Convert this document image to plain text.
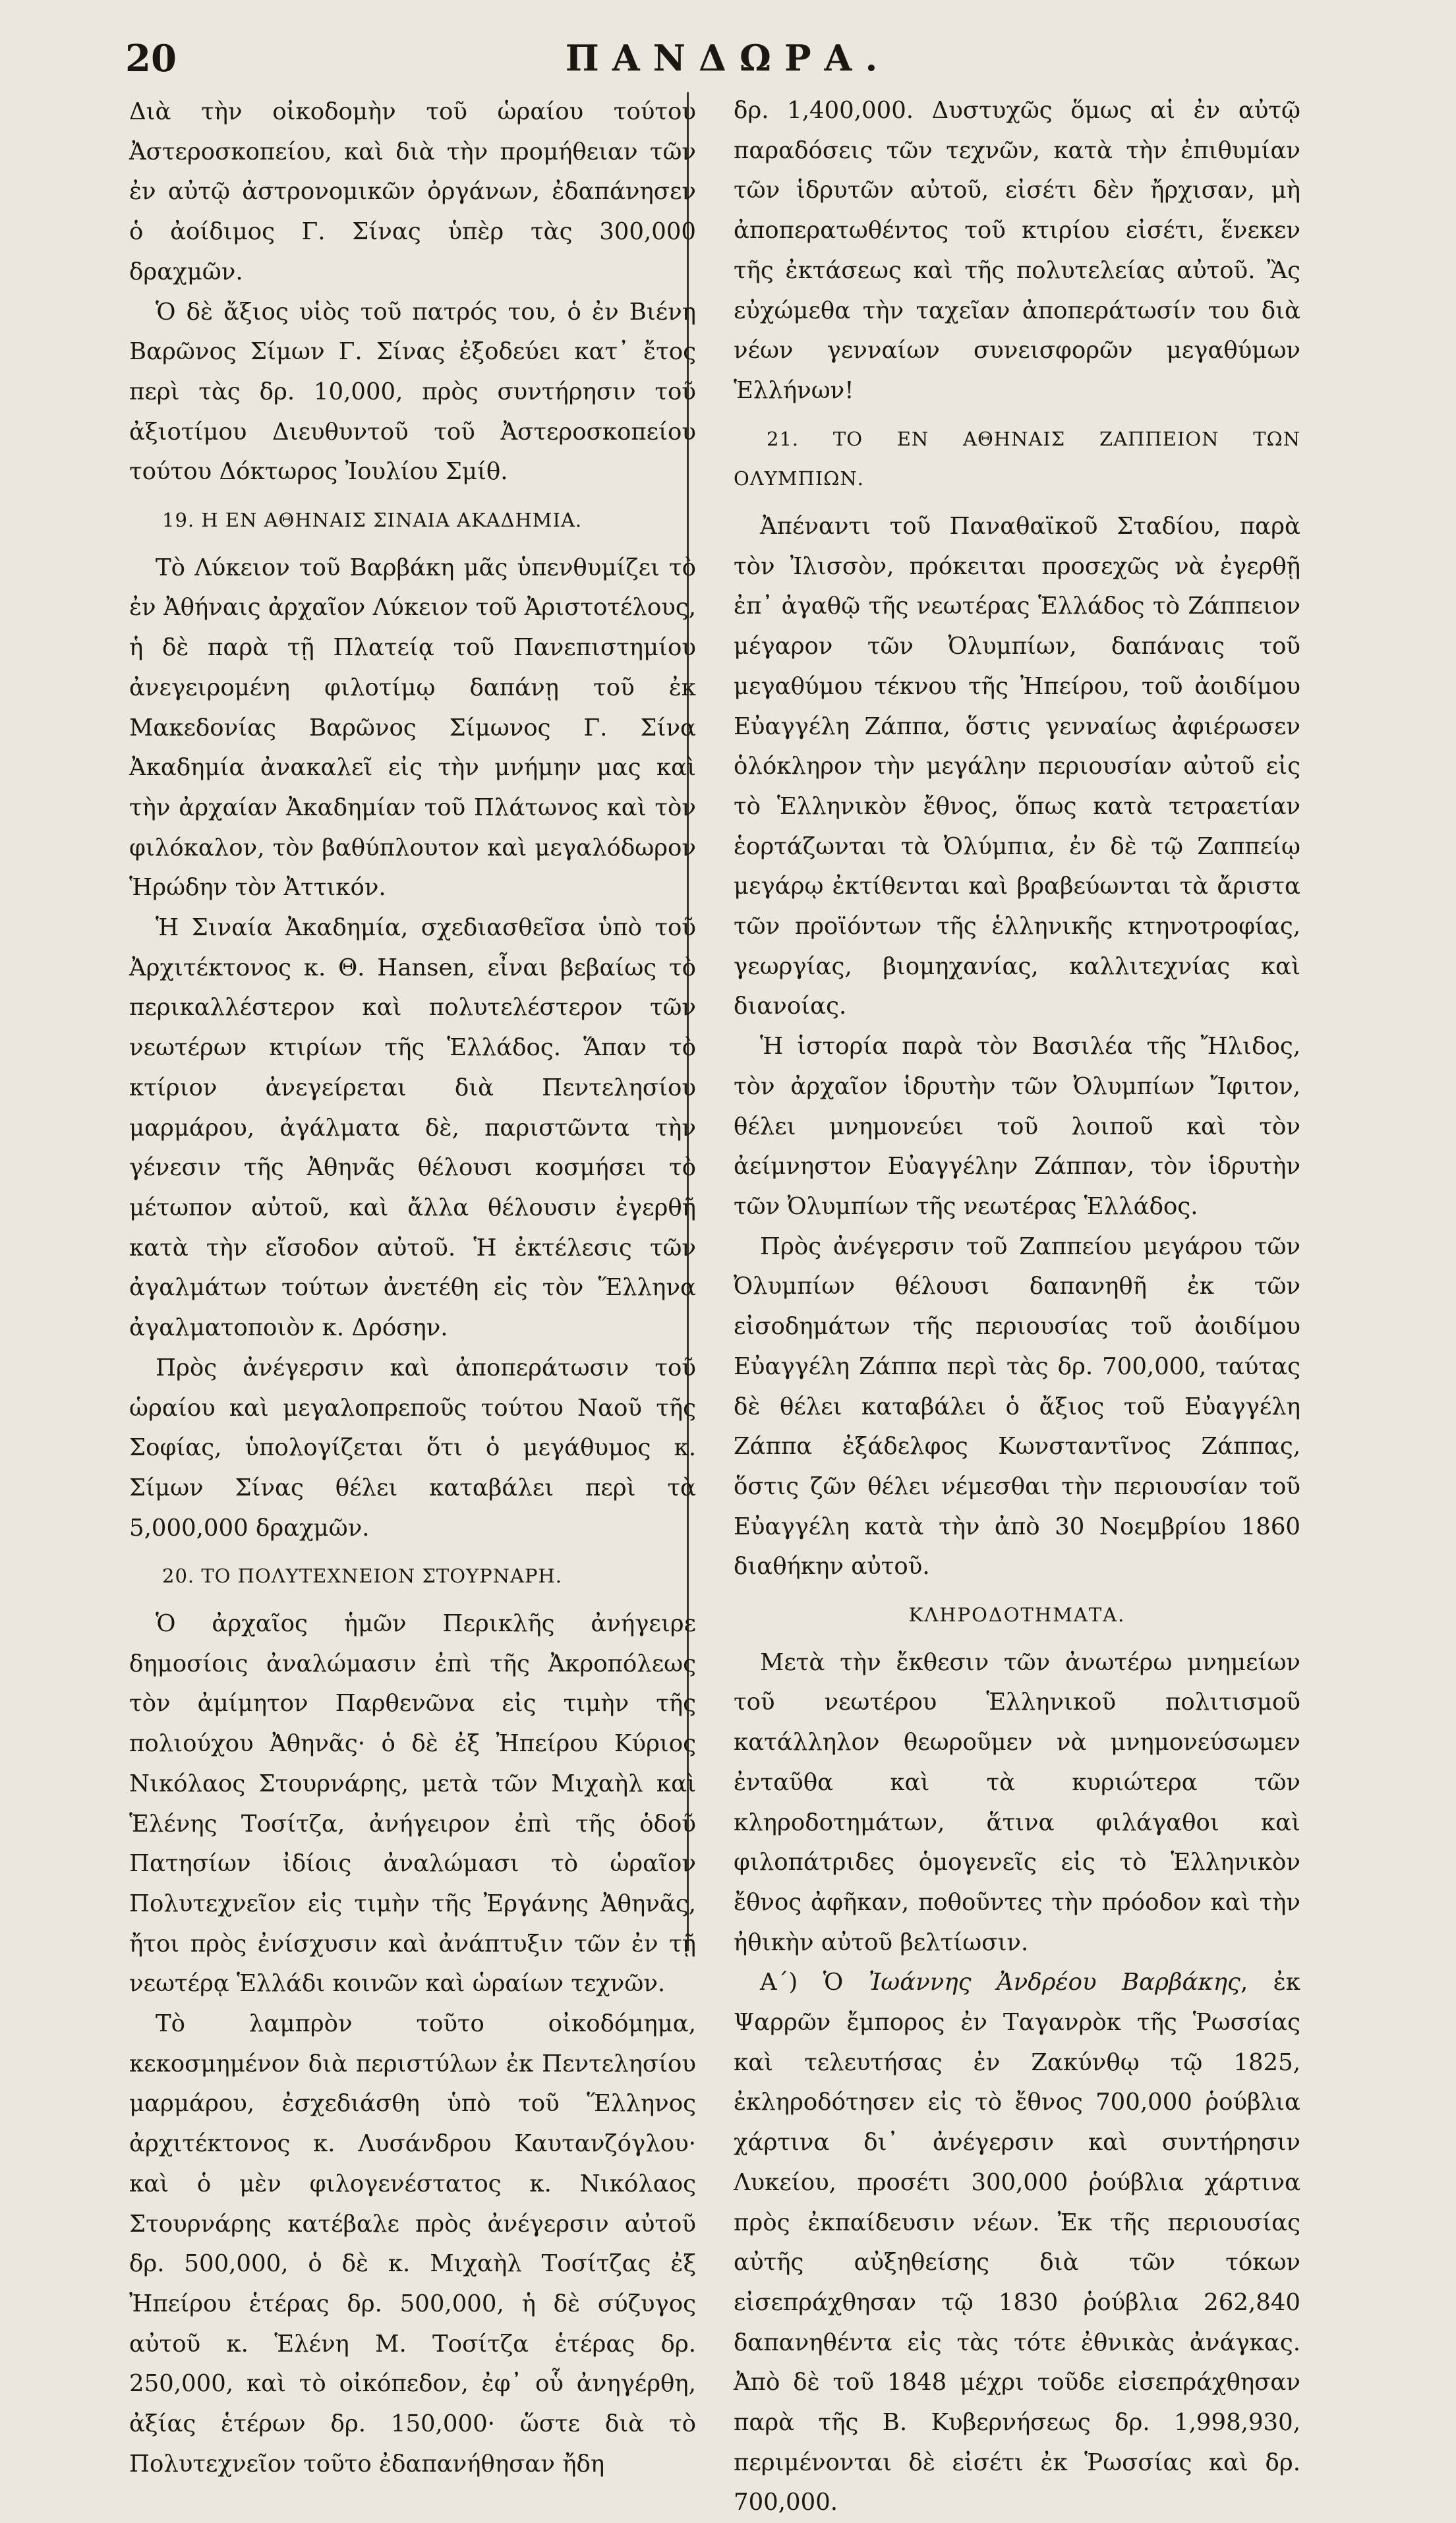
20	ΠΑΝΔΩΡΑ.

Διὰ τὴν οἰκοδομὴν τοῦ ὡραίου τούτου Ἀστεροσκοπείου, καὶ διὰ τὴν προμήθειαν τῶν ἐν αὐτῷ ἀστρονομικῶν ὀργάνων, ἐδαπάνησεν ὁ ἀοίδιμος Γ. Σίνας ὑπὲρ τὰς 300,000 δραχμῶν.

Ὁ δὲ ἄξιος υἱὸς τοῦ πατρός του, ὁ ἐν Βιένη Βαρῶνος Σίμων Γ. Σίνας ἐξοδεύει κατ᾽ ἔτος περὶ τὰς δρ. 10,000, πρὸς συντήρησιν τοῦ ἀξιοτίμου Διευθυντοῦ τοῦ Ἀστεροσκοπείου τούτου Δόκτωρος Ἰουλίου Σμίθ.

19. Η ΕΝ ΑΘΗΝΑΙΣ ΣΙΝΑΙΑ ΑΚΑΔΗΜΙΑ.

Τὸ Λύκειον τοῦ Βαρβάκη μᾶς ὑπενθυμίζει τὸ ἐν Ἀθήναις ἀρχαῖον Λύκειον τοῦ Ἀριστοτέλους, ἡ δὲ παρὰ τῇ Πλατείᾳ τοῦ Πανεπιστημίου ἀνεγειρομένη φιλοτίμῳ δαπάνῃ τοῦ ἐκ Μακεδονίας Βαρῶνος Σίμωνος Γ. Σίνα Ἀκαδημία ἀνακαλεῖ εἰς τὴν μνήμην μας καὶ τὴν ἀρχαίαν Ἀκαδημίαν τοῦ Πλάτωνος καὶ τὸν φιλόκαλον, τὸν βαθύπλουτον καὶ μεγαλόδωρον Ἡρώδην τὸν Ἀττικόν.

Ἡ Σιναία Ἀκαδημία, σχεδιασθεῖσα ὑπὸ τοῦ Ἀρχιτέκτονος κ. Θ. Hansen, εἶναι βεβαίως τὸ περικαλλέστερον καὶ πολυτελέστερον τῶν νεωτέρων κτιρίων τῆς Ἑλλάδος. Ἅπαν τὸ κτίριον ἀνεγείρεται διὰ Πεντελησίου μαρμάρου, ἀγάλματα δὲ, παριστῶντα τὴν γένεσιν τῆς Ἀθηνᾶς θέλουσι κοσμήσει τὸ μέτωπον αὐτοῦ, καὶ ἄλλα θέλουσιν ἐγερθῆ κατὰ τὴν εἴσοδον αὐτοῦ. Ἡ ἐκτέλεσις τῶν ἀγαλμάτων τούτων ἀνετέθη εἰς τὸν Ἕλληνα ἀγαλματοποιὸν κ. Δρόσην.

Πρὸς ἀνέγερσιν καὶ ἀποπεράτωσιν τοῦ ὡραίου καὶ μεγαλοπρεποῦς τούτου Ναοῦ τῆς Σοφίας, ὑπολογίζεται ὅτι ὁ μεγάθυμος κ. Σίμων Σίνας θέλει καταβάλει περὶ τὰ 5,000,000 δραχμῶν.

20. ΤΟ ΠΟΛΥΤΕΧΝΕΙΟΝ ΣΤΟΥΡΝΑΡΗ.

Ὁ ἀρχαῖος ἡμῶν Περικλῆς ἀνήγειρε δημοσίοις ἀναλώμασιν ἐπὶ τῆς Ἀκροπόλεως τὸν ἀμίμητον Παρθενῶνα εἰς τιμὴν τῆς πολιούχου Ἀθηνᾶς· ὁ δὲ ἐξ Ἠπείρου Κύριος Νικόλαος Στουρνάρης, μετὰ τῶν Μιχαὴλ καὶ Ἑλένης Τοσίτζα, ἀνήγειρον ἐπὶ τῆς ὁδοῦ Πατησίων ἰδίοις ἀναλώμασι τὸ ὡραῖον Πολυτεχνεῖον εἰς τιμὴν τῆς Ἐργάνης Ἀθηνᾶς, ἤτοι πρὸς ἐνίσχυσιν καὶ ἀνάπτυξιν τῶν ἐν τῇ νεωτέρᾳ Ἑλλάδι κοινῶν καὶ ὡραίων τεχνῶν.

Τὸ λαμπρὸν τοῦτο οἰκοδόμημα, κεκοσμημένον διὰ περιστύλων ἐκ Πεντελησίου μαρμάρου, ἐσχεδιάσθη ὑπὸ τοῦ Ἕλληνος ἀρχιτέκτονος κ. Λυσάνδρου Καυτανζόγλου· καὶ ὁ μὲν φιλογενέστατος κ. Νικόλαος Στουρνάρης κατέβαλε πρὸς ἀνέγερσιν αὐτοῦ δρ. 500,000, ὁ δὲ κ. Μιχαὴλ Τοσίτζας ἐξ Ἠπείρου ἑτέρας δρ. 500,000, ἡ δὲ σύζυγος αὐτοῦ κ. Ἑλένη Μ. Τοσίτζα ἑτέρας δρ. 250,000, καὶ τὸ οἰκόπεδον, ἐφ᾽ οὗ ἀνηγέρθη, ἀξίας ἑτέρων δρ. 150,000· ὥστε διὰ τὸ Πολυτεχνεῖον τοῦτο ἐδαπανήθησαν ἤδη

δρ. 1,400,000. Δυστυχῶς ὅμως αἱ ἐν αὐτῷ παραδόσεις τῶν τεχνῶν, κατὰ τὴν ἐπιθυμίαν τῶν ἱδρυτῶν αὐτοῦ, εἰσέτι δὲν ἤρχισαν, μὴ ἀποπερατωθέντος τοῦ κτιρίου εἰσέτι, ἕνεκεν τῆς ἐκτάσεως καὶ τῆς πολυτελείας αὐτοῦ. Ἂς εὐχώμεθα τὴν ταχεῖαν ἀποπεράτωσίν του διὰ νέων γενναίων συνεισφορῶν μεγαθύμων Ἑλλήνων!

21. ΤΟ ΕΝ ΑΘΗΝΑΙΣ ΖΑΠΠΕΙΟΝ ΤΩΝ ΟΛΥΜΠΙΩΝ.

Ἀπέναντι τοῦ Παναθαϊκοῦ Σταδίου, παρὰ τὸν Ἰλισσὸν, πρόκειται προσεχῶς νὰ ἐγερθῇ ἐπ᾽ ἀγαθῷ τῆς νεωτέρας Ἑλλάδος τὸ Ζάππειον μέγαρον τῶν Ὀλυμπίων, δαπάναις τοῦ μεγαθύμου τέκνου τῆς Ἠπείρου, τοῦ ἀοιδίμου Εὐαγγέλη Ζάππα, ὅστις γενναίως ἀφιέρωσεν ὁλόκληρον τὴν μεγάλην περιουσίαν αὐτοῦ εἰς τὸ Ἑλληνικὸν ἔθνος, ὅπως κατὰ τετραετίαν ἑορτάζωνται τὰ Ὀλύμπια, ἐν δὲ τῷ Ζαππείῳ μεγάρῳ ἐκτίθενται καὶ βραβεύωνται τὰ ἄριστα τῶν προϊόντων τῆς ἑλληνικῆς κτηνοτροφίας, γεωργίας, βιομηχανίας, καλλιτεχνίας καὶ διανοίας.

Ἡ ἱστορία παρὰ τὸν Βασιλέα τῆς Ἤλιδος, τὸν ἀρχαῖον ἱδρυτὴν τῶν Ὀλυμπίων Ἴφιτον, θέλει μνημονεύει τοῦ λοιποῦ καὶ τὸν ἀείμνηστον Εὐαγγέλην Ζάππαν, τὸν ἱδρυτὴν τῶν Ὀλυμπίων τῆς νεωτέρας Ἑλλάδος.

Πρὸς ἀνέγερσιν τοῦ Ζαππείου μεγάρου τῶν Ὀλυμπίων θέλουσι δαπανηθῆ ἐκ τῶν εἰσοδημάτων τῆς περιουσίας τοῦ ἀοιδίμου Εὐαγγέλη Ζάππα περὶ τὰς δρ. 700,000, ταύτας δὲ θέλει καταβάλει ὁ ἄξιος τοῦ Εὐαγγέλη Ζάππα ἐξάδελφος Κωνσταντῖνος Ζάππας, ὅστις ζῶν θέλει νέμεσθαι τὴν περιουσίαν τοῦ Εὐαγγέλη κατὰ τὴν ἀπὸ 30 Νοεμβρίου 1860 διαθήκην αὐτοῦ.

ΚΛΗΡΟΔΟΤΗΜΑΤΑ.

Μετὰ τὴν ἔκθεσιν τῶν ἀνωτέρω μνημείων τοῦ νεωτέρου Ἑλληνικοῦ πολιτισμοῦ κατάλληλον θεωροῦμεν νὰ μνημονεύσωμεν ἐνταῦθα καὶ τὰ κυριώτερα τῶν κληροδοτημάτων, ἅτινα φιλάγαθοι καὶ φιλοπάτριδες ὁμογενεῖς εἰς τὸ Ἑλληνικὸν ἔθνος ἀφῆκαν, ποθοῦντες τὴν πρόοδον καὶ τὴν ἠθικὴν αὐτοῦ βελτίωσιν.

Α΄) Ὁ Ἰωάννης Ἀνδρέου Βαρβάκης, ἐκ Ψαρρῶν ἔμπορος ἐν Ταγανρὸκ τῆς Ῥωσσίας καὶ τελευτήσας ἐν Ζακύνθῳ τῷ 1825, ἐκληροδότησεν εἰς τὸ ἔθνος 700,000 ῥούβλια χάρτινα δι᾽ ἀνέγερσιν καὶ συντήρησιν Λυκείου, προσέτι 300,000 ῥούβλια χάρτινα πρὸς ἐκπαίδευσιν νέων. Ἐκ τῆς περιουσίας αὐτῆς αὐξηθείσης διὰ τῶν τόκων εἰσεπράχθησαν τῷ 1830 ῥούβλια 262,840 δαπανηθέντα εἰς τὰς τότε ἐθνικὰς ἀνάγκας. Ἀπὸ δὲ τοῦ 1848 μέχρι τοῦδε εἰσεπράχθησαν παρὰ τῆς Β. Κυβερνήσεως δρ. 1,998,930, περιμένονται δὲ εἰσέτι ἐκ Ῥωσσίας καὶ δρ. 700,000.
